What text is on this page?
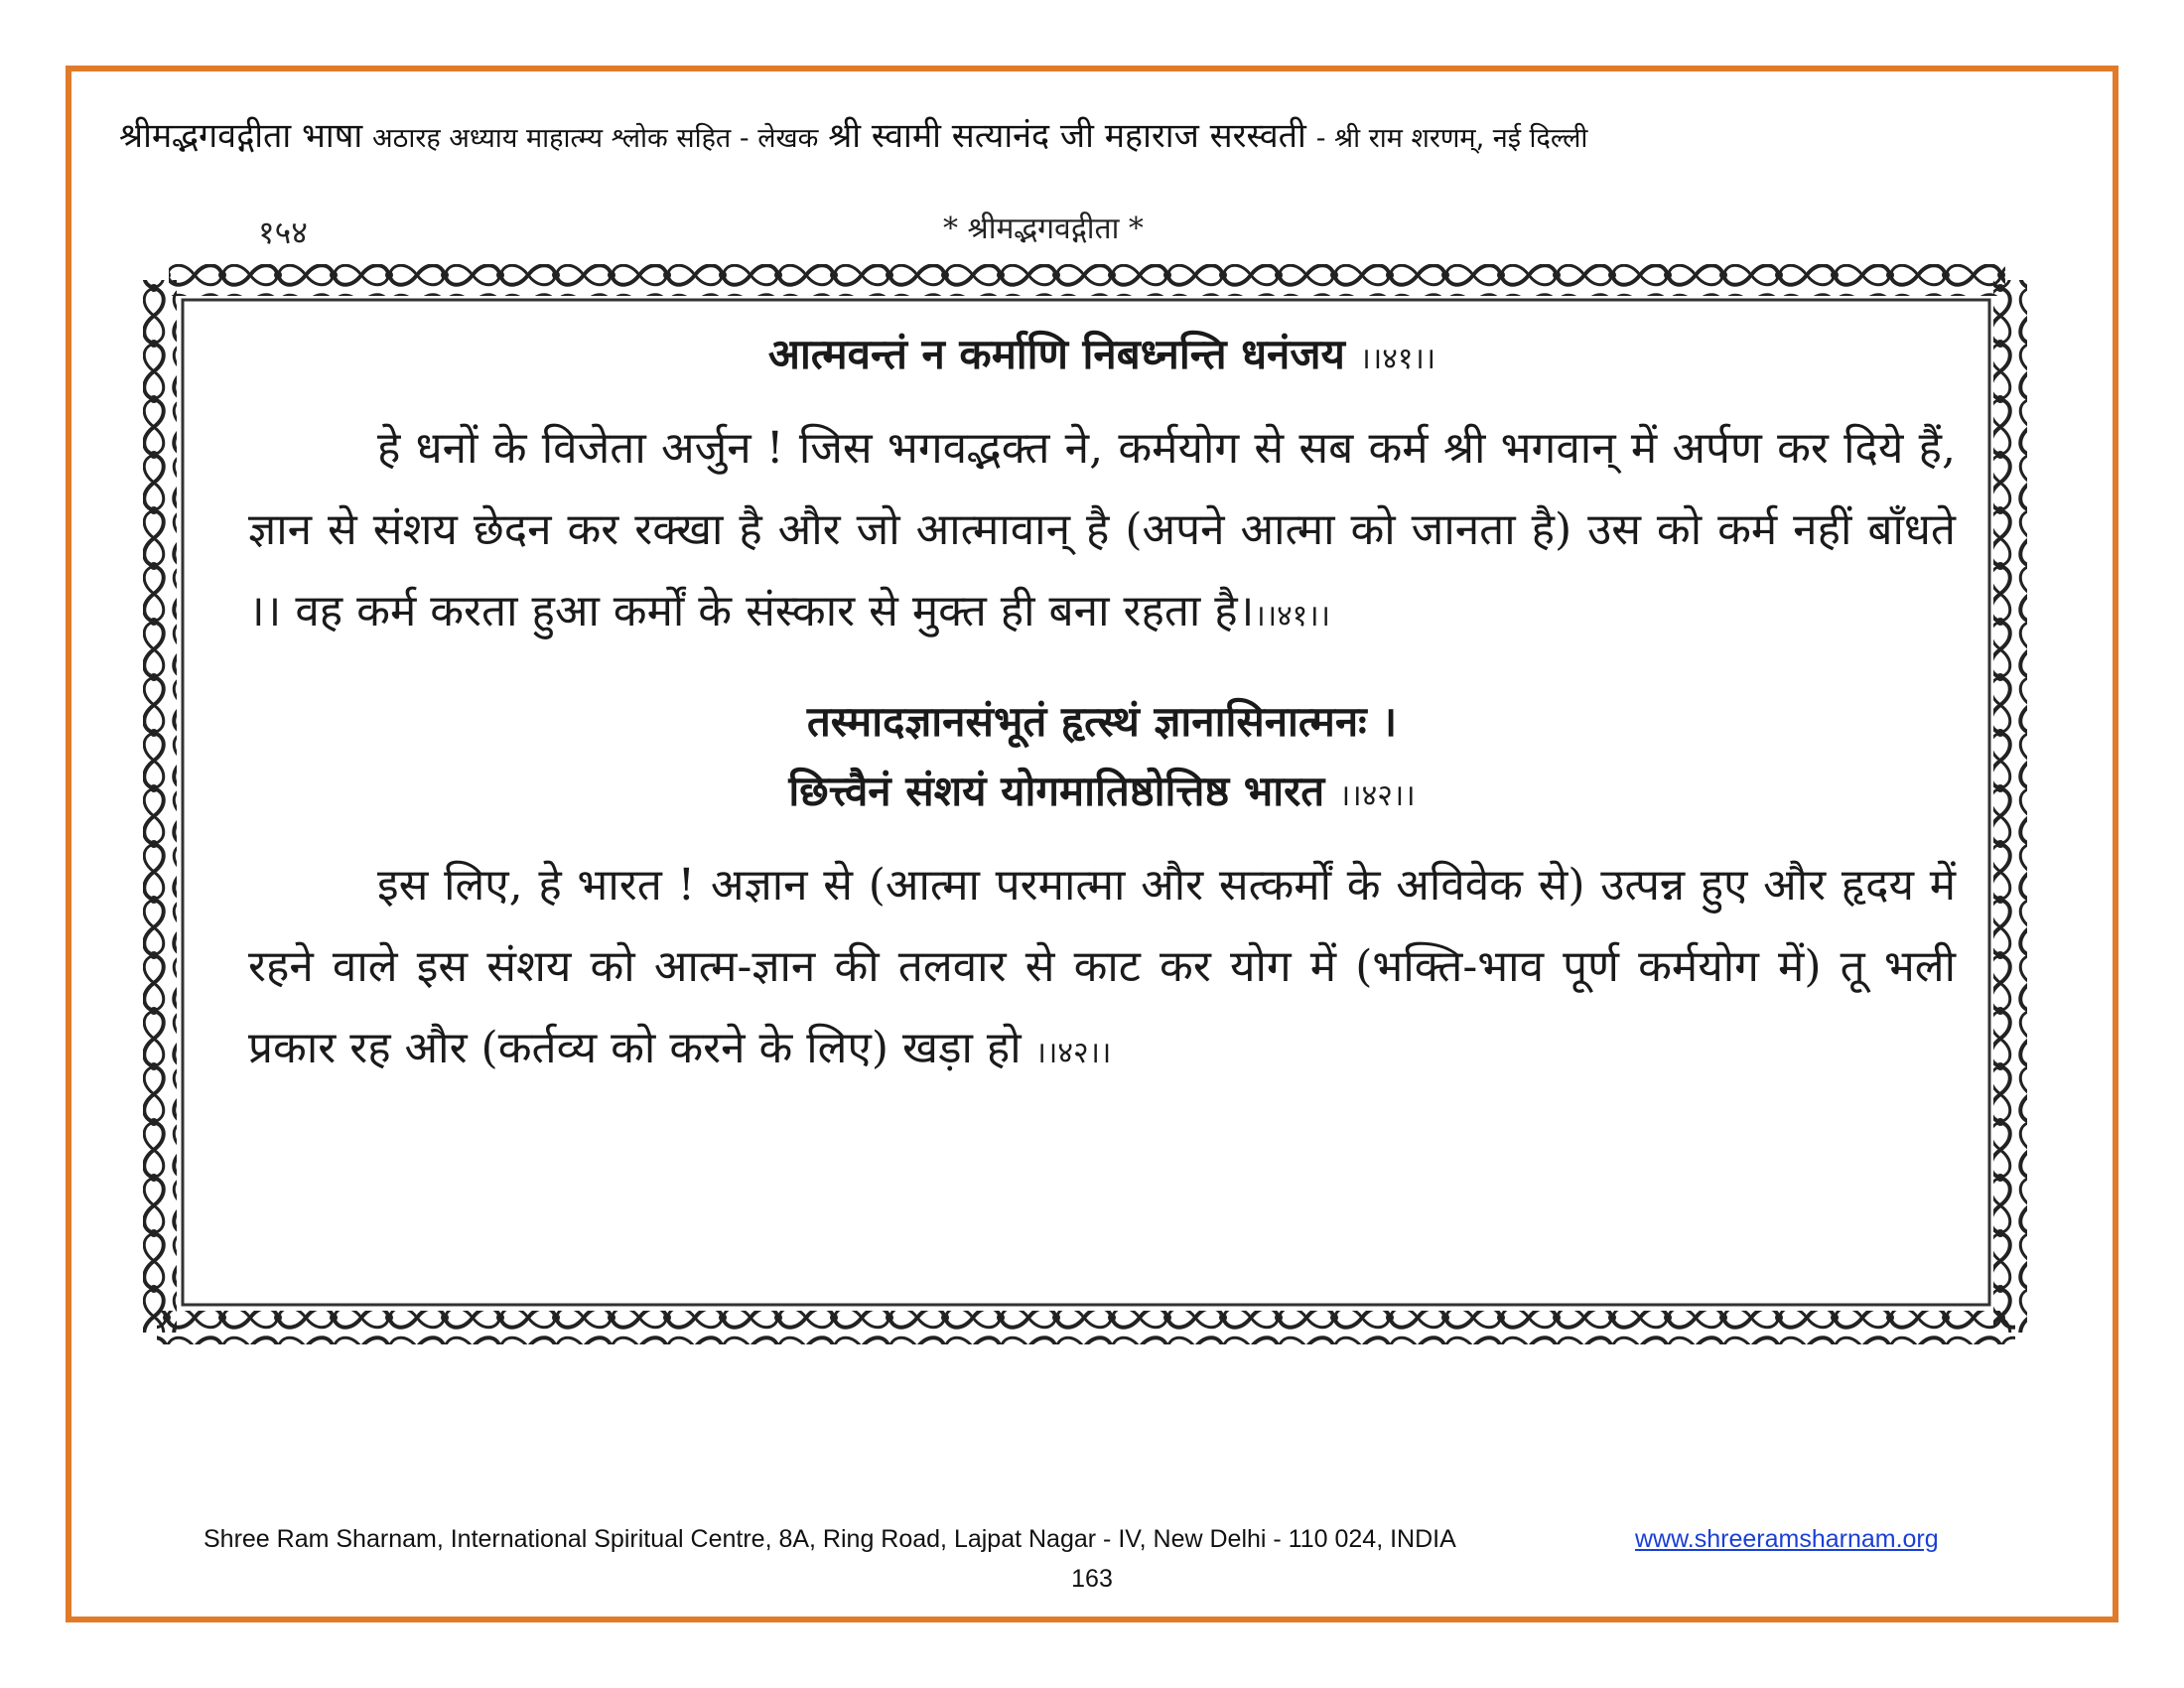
श्रीमद्भगवद्गीता भाषा अठारह अध्याय माहात्म्य श्लोक सहित - लेखक श्री स्वामी सत्यानंद जी महाराज सरस्वती - श्री राम शरणम्, नई दिल्ली
१५४	* श्रीमद्भगवद्गीता *
आत्मवन्तं न कर्माणि निबध्नन्ति धनंजय ।।४१।।
हे धनों के विजेता अर्जुन ! जिस भगवद्भक्त ने, कर्मयोग से सब कर्म श्री भगवान् में अर्पण कर दिये हैं, ज्ञान से संशय छेदन कर रक्खा है और जो आत्मावान् है (अपने आत्मा को जानता है) उस को कर्म नहीं बाँधते ।। वह कर्म करता हुआ कर्मों के संस्कार से मुक्त ही बना रहता है।।।४१।।
तस्मादज्ञानसंभूतं हृत्स्थं ज्ञानासिनात्मनः ।
छित्त्वैनं संशयं योगमातिष्ठोत्तिष्ठ भारत ।।४२।।
इस लिए, हे भारत ! अज्ञान से (आत्मा परमात्मा और सत्कर्मों के अविवेक से) उत्पन्न हुए और हृदय में रहने वाले इस संशय को आत्म-ज्ञान की तलवार से काट कर योग में (भक्ति-भाव पूर्ण कर्मयोग में) तू भली प्रकार रह और (कर्तव्य को करने के लिए) खड़ा हो ।।४२।।
Shree Ram Sharnam, International Spiritual Centre, 8A, Ring Road, Lajpat Nagar - IV, New Delhi - 110 024, INDIA	www.shreeramsharnam.org
163
